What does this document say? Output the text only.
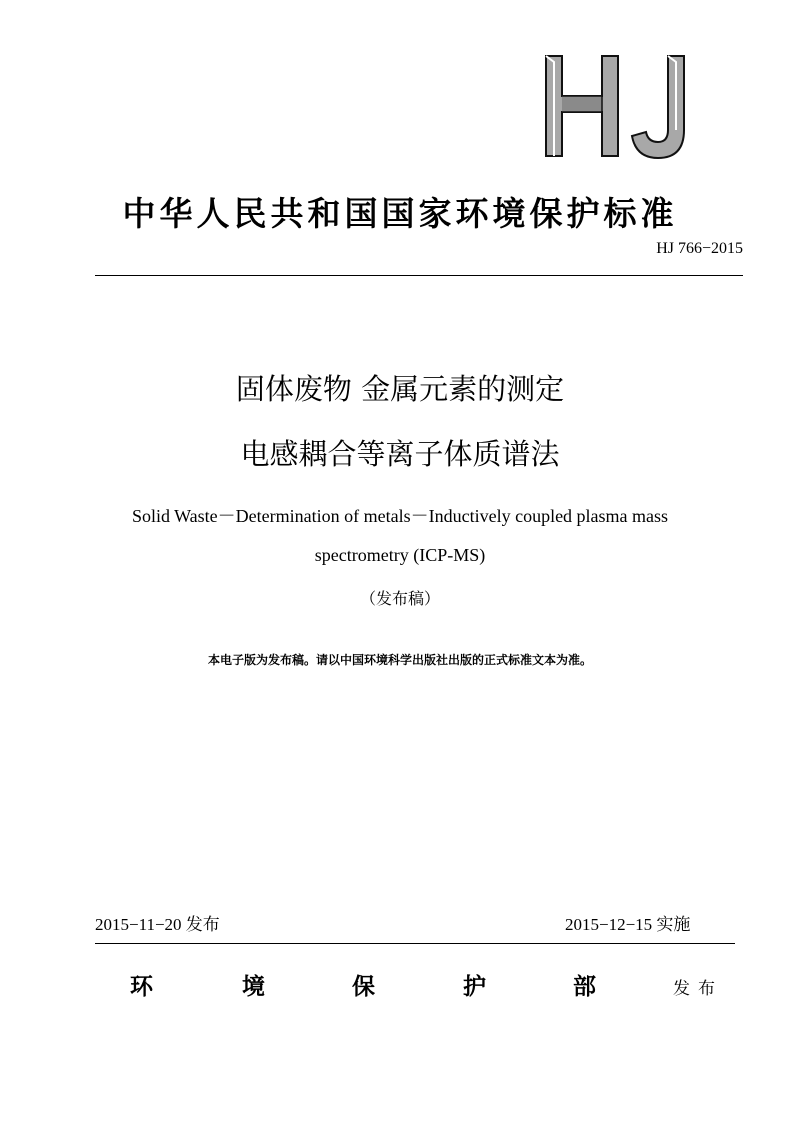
中华人民共和国国家环境保护标准
HJ 766−2015
固体废物 金属元素的测定
电感耦合等离子体质谱法
Solid Waste－Determination of metals－Inductively coupled plasma mass
spectrometry (ICP-MS)
（发布稿）
本电子版为发布稿。请以中国环境科学出版社出版的正式标准文本为准。
2015−11−20 发布	2015−12−15 实施
环	境	保	护	部	发布
